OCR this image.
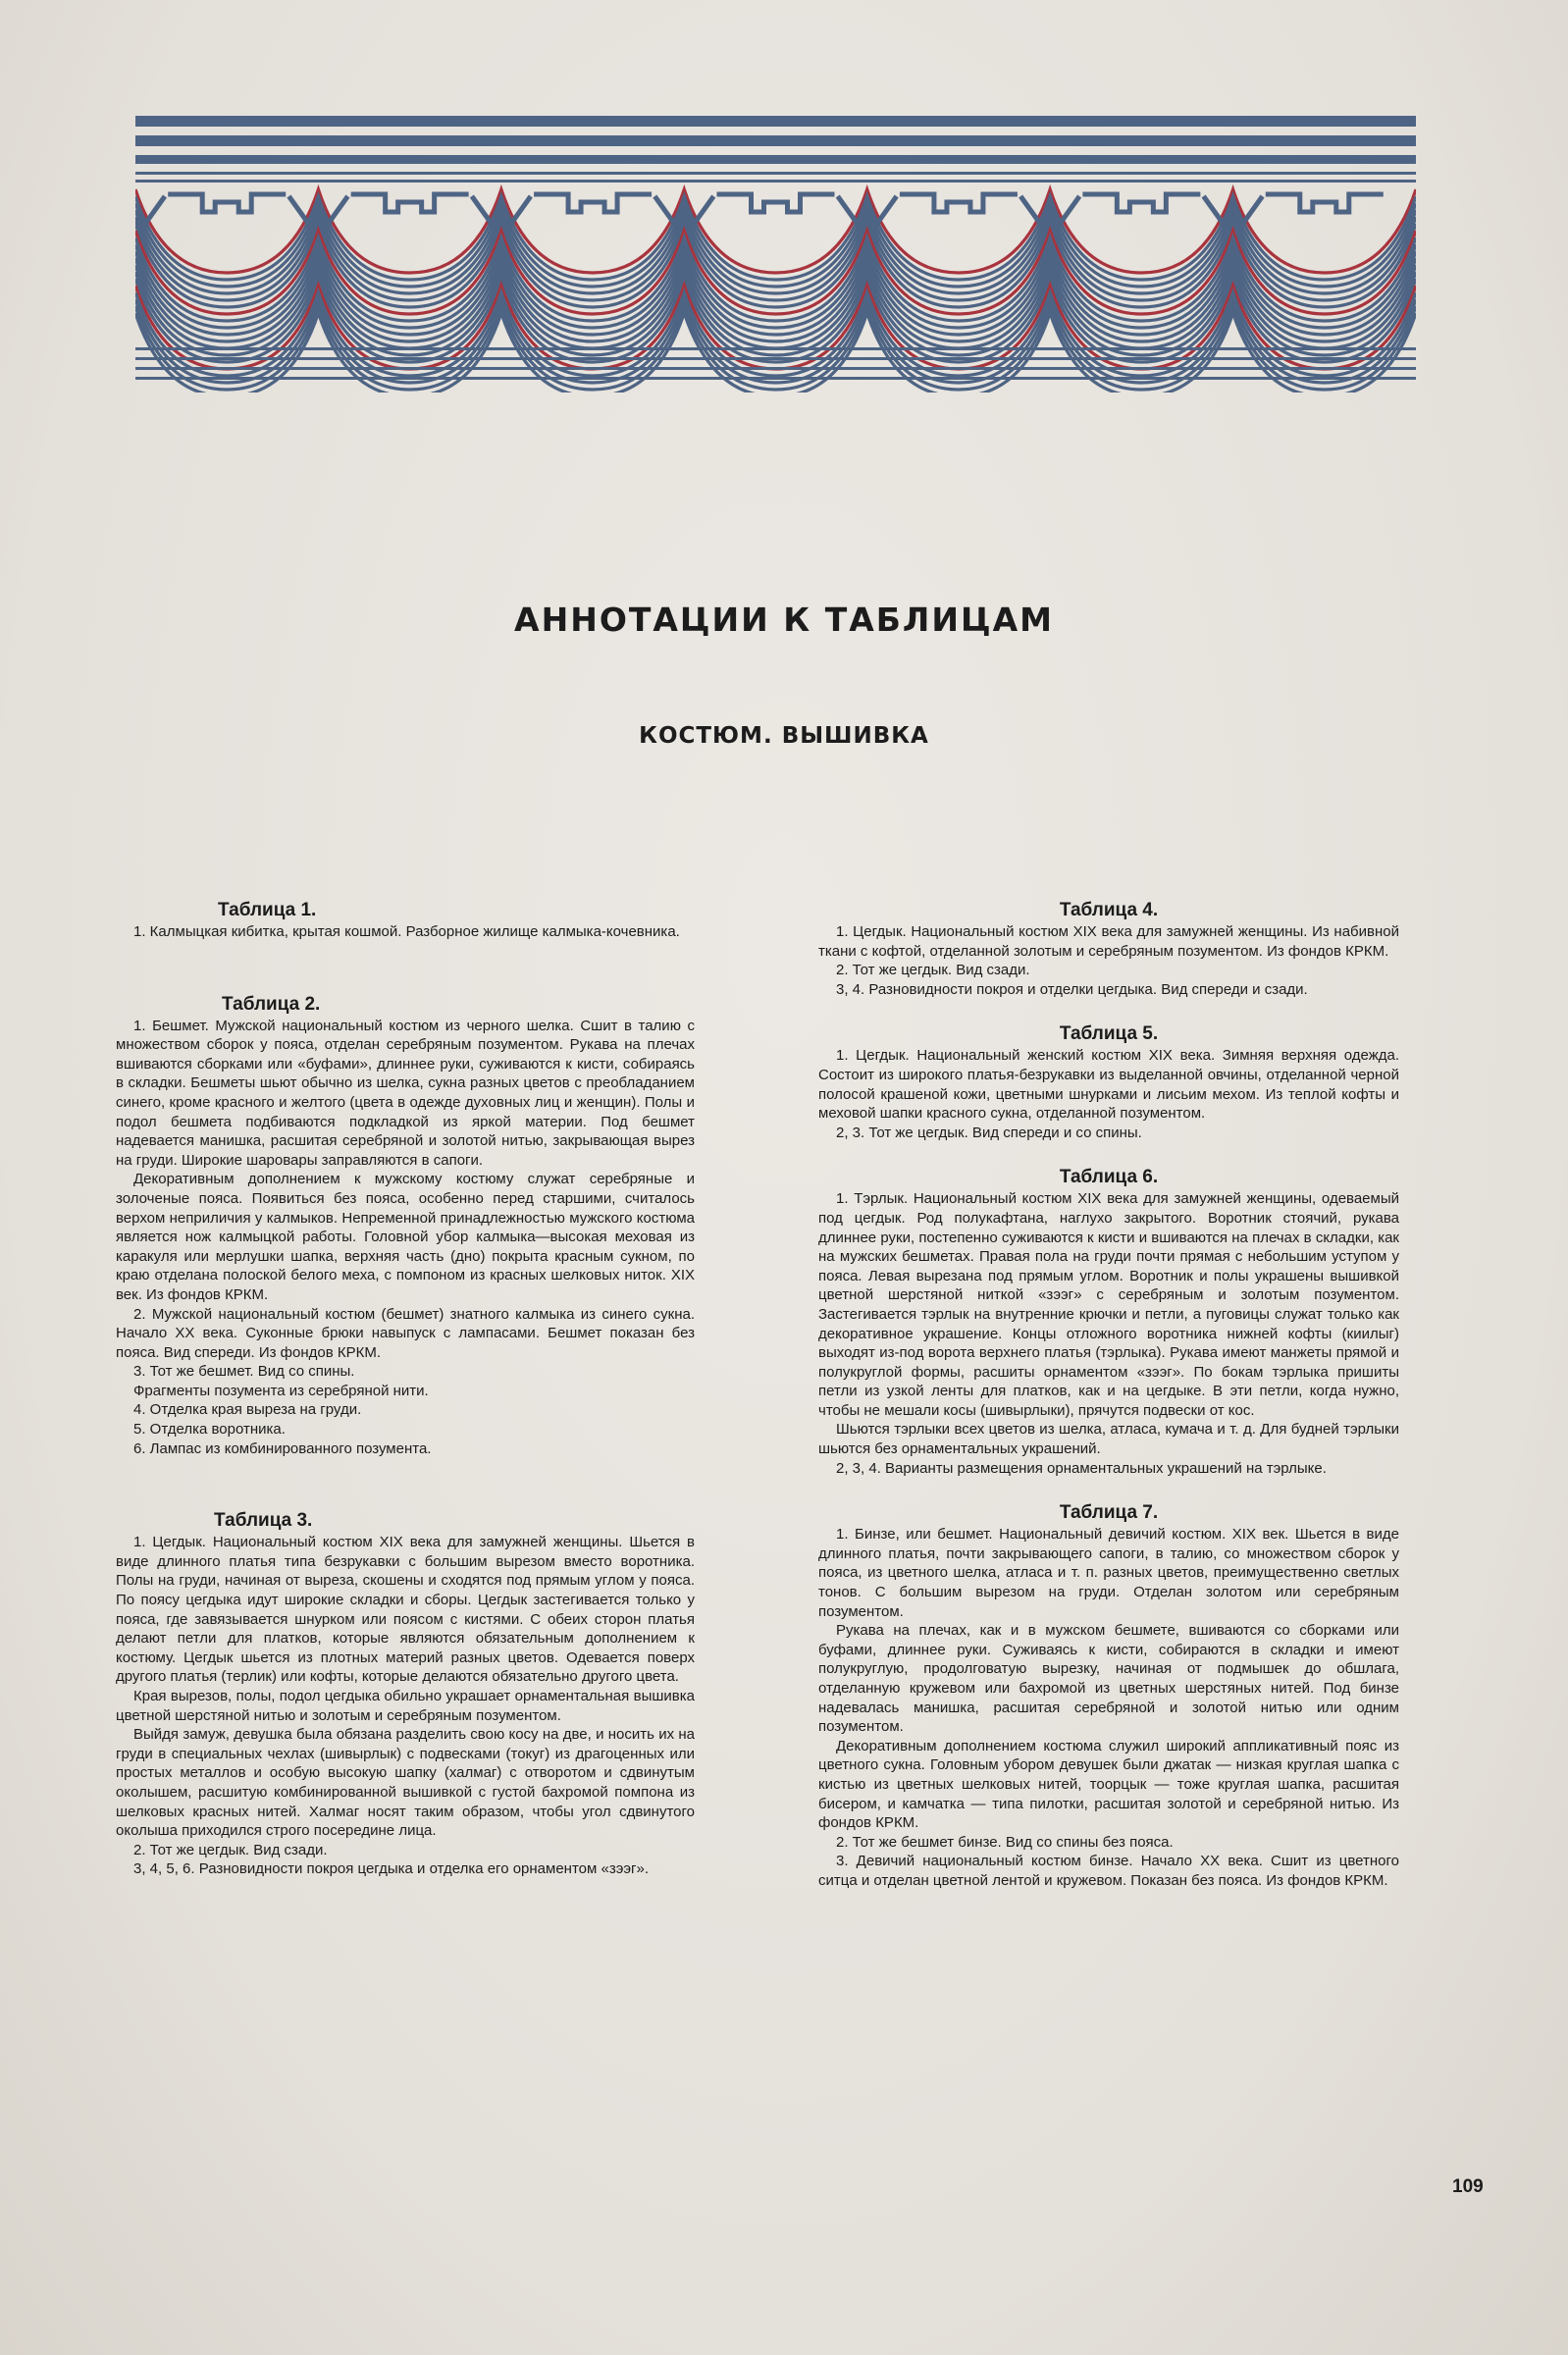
АННОТАЦИИ К ТАБЛИЦАМ
КОСТЮМ. ВЫШИВКА
Таблица 1.

1. Калмыцкая кибитка, крытая кошмой. Разборное жилище калмыка-кочевника.

Таблица 2.

1. Бешмет. Мужской национальный костюм из черного шелка. Сшит в талию с множеством сборок у пояса, отделан серебряным позументом. Рукава на плечах вшиваются сборками или «буфами», длиннее руки, суживаются к кисти, собираясь в складки. Бешметы шьют обычно из шелка, сукна разных цветов с преобладанием синего, кроме красного и желтого (цвета в одежде духовных лиц и женщин). Полы и подол бешмета подбиваются подкладкой из яркой материи. Под бешмет надевается манишка, расшитая серебряной и золотой нитью, закрывающая вырез на груди. Широкие шаровары заправляются в сапоги.

Декоративным дополнением к мужскому костюму служат серебряные и золоченые пояса. Появиться без пояса, особенно перед старшими, считалось верхом неприличия у калмыков. Непременной принадлежностью мужского костюма является нож калмыцкой работы. Головной убор калмыка—высокая меховая из каракуля или мерлушки шапка, верхняя часть (дно) покрыта красным сукном, по краю отделана полоской белого меха, с помпоном из красных шелковых ниток. XIX век. Из фондов КРКМ.

2. Мужской национальный костюм (бешмет) знатного калмыка из синего сукна. Начало XX века. Суконные брюки навыпуск с лампасами. Бешмет показан без пояса. Вид спереди. Из фондов КРКМ.

3. Тот же бешмет. Вид со спины.

Фрагменты позумента из серебряной нити.

4. Отделка края выреза на груди.

5. Отделка воротника.

6. Лампас из комбинированного позумента.

Таблица 3.

1. Цегдык. Национальный костюм XIX века для замужней женщины. Шьется в виде длинного платья типа безрукавки с большим вырезом вместо воротника. Полы на груди, начиная от выреза, скошены и сходятся под прямым углом у пояса. По поясу цегдыка идут широкие складки и сборы. Цегдык застегивается только у пояса, где завязывается шнурком или поясом с кистями. С обеих сторон платья делают петли для платков, которые являются обязательным дополнением к костюму. Цегдык шьется из плотных материй разных цветов. Одевается поверх другого платья (терлик) или кофты, которые делаются обязательно другого цвета.

Края вырезов, полы, подол цегдыка обильно украшает орнаментальная вышивка цветной шерстяной нитью и золотым и серебряным позументом.

Выйдя замуж, девушка была обязана разделить свою косу на две, и носить их на груди в специальных чехлах (шивырлык) с подвесками (токуг) из драгоценных или простых металлов и особую высокую шапку (халмаг) с отворотом и сдвинутым околышем, расшитую комбинированной вышивкой с густой бахромой помпона из шелковых красных нитей. Халмаг носят таким образом, чтобы угол сдвинутого околыша приходился строго посередине лица.

2. Тот же цегдык. Вид сзади.

3, 4, 5, 6. Разновидности покроя цегдыка и отделка его орнаментом «зээг».

Таблица 4.

1. Цегдык. Национальный костюм XIX века для замужней женщины. Из набивной ткани с кофтой, отделанной золотым и серебряным позументом. Из фондов КРКМ.

2. Тот же цегдык. Вид сзади.

3, 4. Разновидности покроя и отделки цегдыка. Вид спереди и сзади.

Таблица 5.

1. Цегдык. Национальный женский костюм XIX века. Зимняя верхняя одежда. Состоит из широкого платья-безрукавки из выделанной овчины, отделанной черной полосой крашеной кожи, цветными шнурками и лисьим мехом. Из теплой кофты и меховой шапки красного сукна, отделанной позументом.

2, 3. Тот же цегдык. Вид спереди и со спины.

Таблица 6.

1. Тэрлык. Национальный костюм XIX века для замужней женщины, одеваемый под цегдык. Род полукафтана, наглухо закрытого. Воротник стоячий, рукава длиннее руки, постепенно суживаются к кисти и вшиваются на плечах в складки, как на мужских бешметах. Правая пола на груди почти прямая с небольшим уступом у пояса. Левая вырезана под прямым углом. Воротник и полы украшены вышивкой цветной шерстяной ниткой «зээг» с серебряным и золотым позументом. Застегивается тэрлык на внутренние крючки и петли, а пуговицы служат только как декоративное украшение. Концы отложного воротника нижней кофты (киилыг) выходят из-под ворота верхнего платья (тэрлыка). Рукава имеют манжеты прямой и полукруглой формы, расшиты орнаментом «зээг». По бокам тэрлыка пришиты петли из узкой ленты для платков, как и на цегдыке. В эти петли, когда нужно, чтобы не мешали косы (шивырлыки), прячутся подвески от кос.

Шьются тэрлыки всех цветов из шелка, атласа, кумача и т. д. Для будней тэрлыки шьются без орнаментальных украшений.

2, 3, 4. Варианты размещения орнаментальных украшений на тэрлыке.

Таблица 7.

1. Бинзе, или бешмет. Национальный девичий костюм. XIX век. Шьется в виде длинного платья, почти закрывающего сапоги, в талию, со множеством сборок у пояса, из цветного шелка, атласа и т. п. разных цветов, преимущественно светлых тонов. С большим вырезом на груди. Отделан золотом или серебряным позументом.

Рукава на плечах, как и в мужском бешмете, вшиваются со сборками или буфами, длиннее руки. Суживаясь к кисти, собираются в складки и имеют полукруглую, продолговатую вырезку, начиная от подмышек до обшлага, отделанную кружевом или бахромой из цветных шерстяных нитей. Под бинзе надевалась манишка, расшитая серебряной и золотой нитью или одним позументом.

Декоративным дополнением костюма служил широкий аппликативный пояс из цветного сукна. Головным убором девушек были джатак — низкая круглая шапка с кистью из цветных шелковых нитей, тоорцык — тоже круглая шапка, расшитая бисером, и камчатка — типа пилотки, расшитая золотой и серебряной нитью. Из фондов КРКМ.

2. Тот же бешмет бинзе. Вид со спины без пояса.

3. Девичий национальный костюм бинзе. Начало XX века. Сшит из цветного ситца и отделан цветной лентой и кружевом. Показан без пояса. Из фондов КРКМ.

109
